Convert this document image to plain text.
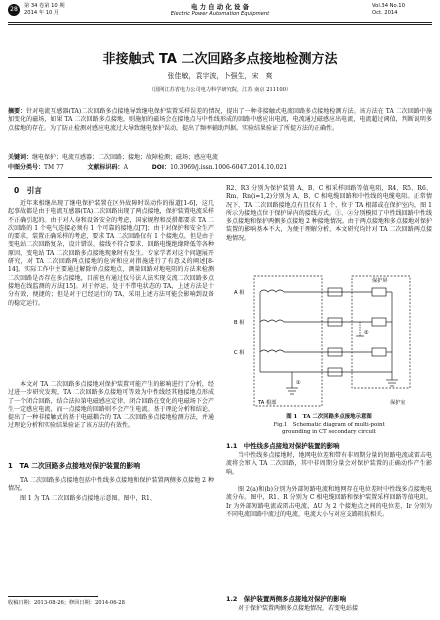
28	第 34 卷第 10 期
2014 年 10 月
电 力 自 动 化 设 备
Electric Power Automation Equipment
Vol.34 No.10
Oct. 2014
非接触式 TA 二次回路多点接地检测方法
张佳敏，袁宇波，卜强生，宋　爽
（国网江苏省电力公司电力科学研究院，江苏 南京 211100）
摘要：针对电流互感器(TA)二次回路多点接地导致继电保护装置采样误差的情况，提出了一种非接触式电流回路多点接地检测方法。该方法在 TA 二次回路中施加变化的磁场，如果 TA 二次回路多点接地，则施加的磁场会在接地点与中性线形成的回路中感应出电流，电流通过磁感应出电流，电流超过阈值，判断说明多点接地的存在。为了防止检测对感应电流过大导致继电保护误动，提出了频率辅助判据。实验结果验证了所提方法的正确性。
关键词：继电保护；电流互感器；二次回路；接地；故障检测；磁场；感应电流
中图分类号：TM 77	文献标识码：A	DOI：10.3969/j.issn.1006-6047.2014.10.021
0　引言
近年来相继出现了继电保护装置在区外故障时误动作的报道[1-6]，这几起事故都是由于电流互感器(TA)二次回路出现了两点接地，保护装置电流采样不正确引起的。由于对人身和设备安全的考虑，国家规程和反措都要求 TA 二次回路的 1 个电气连接必须有 1 个可靠的接地点[7]；由于对保护和安全生产的要求，装置正确采样的考虑，要求 TA 二次回路仅有 1 个接地点。但是由于变电站二次回路复杂，设计错误、接线不符合要求、回路电缆绝缘降低等各种原因，变电站 TA 二次回路多点接地现象时有发生。专家学者对这个问题展开研究，对 TA 二次回路两点接地的危害和应对措施进行了有意义的阐述[8-14]。实际工作中主要通过解除单点接地点，测量回路对地电阻的方法来检测二次回路是否存在多点接地，目前也有通过仪号法人法实现交流二次回路多点接地在线监测的方法[15]。对于停运、处于不带电状态的 TA，上述方法是十分有效，便捷的；但是对于已经运行的 TA，采用上述方法可能会影响到设备的稳定运行。
本文对 TA 二次回路多点接地对保护装置可能产生的影响进行了分析，经过进一步研究发现，TA 二次回路多点接地可等效为中性线经其他接地点形成了一个闭合回路，结合法拉第电磁感应定律，闭合回路在变化的电磁场下会产生一定感应电流，而一点接地的回路则不会产生电流。基于理论分析和结论，提出了一种非接触式的基于电磁耦合的 TA 二次回路多点接地检测方法，并通过理论分析和实验结果验证了该方法的有效性。
1　TA 二次回路多点接地对保护装置的影响
TA 二次回路多点接地包括中性线多点接地和保护装置两侧多点接地 2 种情况。
图 1 为 TA 二次回路多点接地示意图。图中，R1、
收稿日期：2013-08-26；修回日期：2014-06-28
R2、R3 分别为保护装置 A、B、C 相采样回路等值电阻，R4、R5、R6、Rm、Rn(i=1,2)分别为 A、B、C 相电缆回路和中性线的电缆电阻。正常情况下，TA 二次回路接地点有且仅有 1 个，位于 TA 根部或在保护室内，图 1 所示为接地点位于保护屏内的接线方式。①、②分别模拟了中性线回路中性线多点接地和保护两侧多点接地 2 种接地情况。由于两点接地和多点接地对保护装置的影响基本不大，为便于理解分析，本文研究均针对 TA 二次回路两点接地情况。
A 相
B 相
C 相
TA 根部	保护室
保护屏
①
②
图 1　TA 二次回路多点接地示意图
Fig.1　Schematic diagram of multi-point
grounding in CT secondary circuit
1.1　中性线多点接地对保护装置的影响
当中性线多点接地时，地网电位差和带有非周期分量的短路电流或雷击电流将会窜入 TA 二次回路，其中非周期分量会对保护装置的正确动作产生影响。
图 2(a)和(b)分别为外部短路电流和地网存在电位差时中性线多点接地电流分布。图中，R1、R 分别为 C 相电缆回路和保护装置采样回路等值电阻，Ir 为外部短路电流或雷击电流，ΔU 为 2 个接地点之间的电位差，Ir 分别为不同电流回路中流过的电流，电流大小与对应支路阻抗相关。
1.2　保护装置两侧多点接地对保护的影响
对于保护装置两侧多点接地情况，若变电站接
